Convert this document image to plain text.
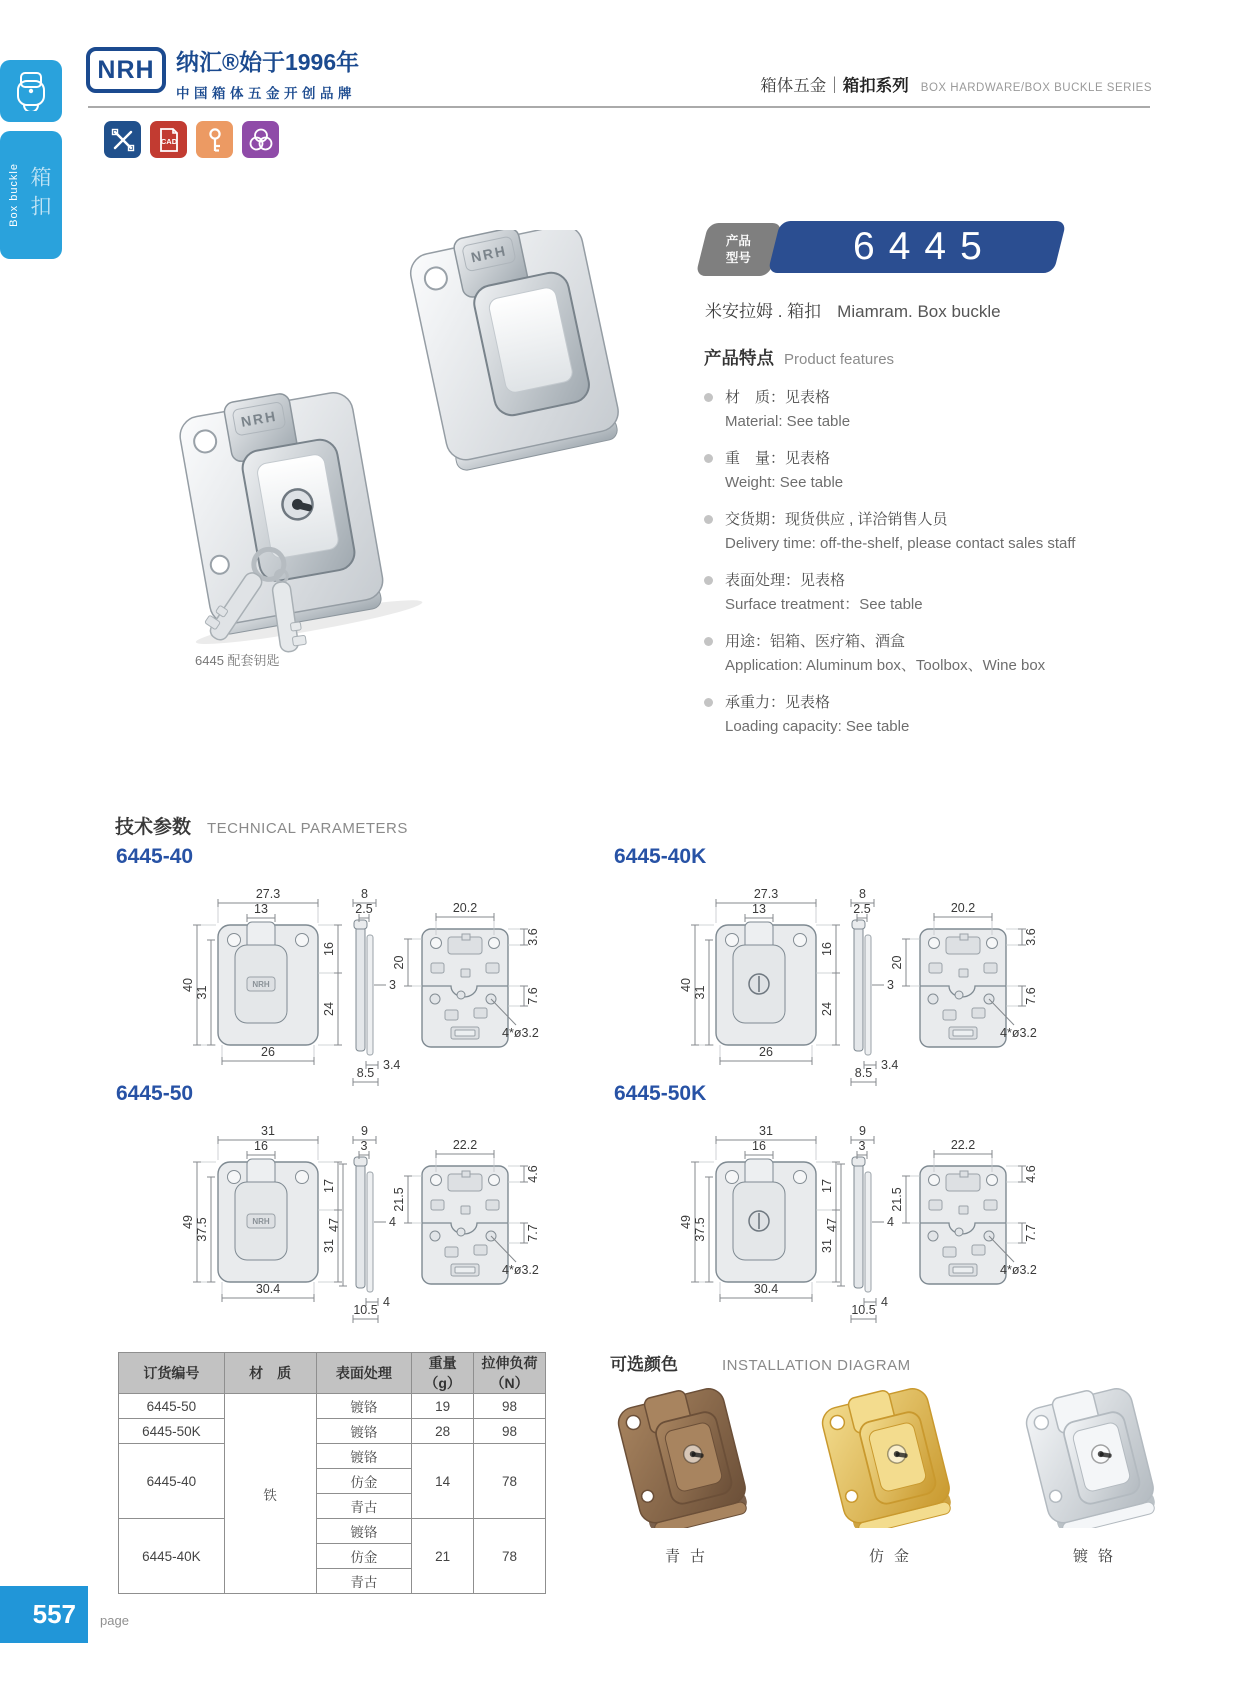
Box buckle 箱扣
NRH 纳汇®始于1996年
中国箱体五金开创品牌	箱体五金｜箱扣系列 BOX HARDWARE/BOX BUCKLE SERIES
CAD
NRH
NRH
6445 配套钥匙
产品
型号	6445
米安拉姆 . 箱扣 Miamram. Box buckle
产品特点 Product features
材　质：见表格
Material: See table
重　量：见表格
Weight: See table
交货期：现货供应 , 详洽销售人员
Delivery time: off-the-shelf, please contact sales staff
表面处理：见表格
Surface treatment：See table
用途：铝箱、医疗箱、酒盒
Application: Aluminum box、Toolbox、Wine box
承重力：见表格
Loading capacity: See table
技术参数 TECHNICAL PARAMETERS
6445-40
NRH
27.3
13
40
31
16
24
26
8
2.5
3
3.4
8.5
20.2
3.6
20
7.6
4*ø3.2
6445-40K
27.3
13
40
31
16
24
26
8
2.5
3
3.4
8.5
20.2
3.6
20
7.6
4*ø3.2
6445-50
NRH
31
16
49 37.5
17
31
30.4
9
3
4
47
4
10.5
22.2
4.6
21.5
7.7
4*ø3.2
6445-50K
31
16
49 37.5
17
31
30.4
9
3
4
47
4
10.5
22.2
4.6
21.5
7.7
4*ø3.2
订货编号	材　质	表面处理	重量（g）	拉伸负荷（N）
6445-50	铁	镀铬	19	98
6445-50K		镀铬	28	98
6445-40		镀铬	14	78
		仿金		
		青古		
6445-40K		镀铬	21	78
		仿金		
		青古		
可选颜色	INSTALLATION DIAGRAM
青古	仿金	镀铬
557 page
